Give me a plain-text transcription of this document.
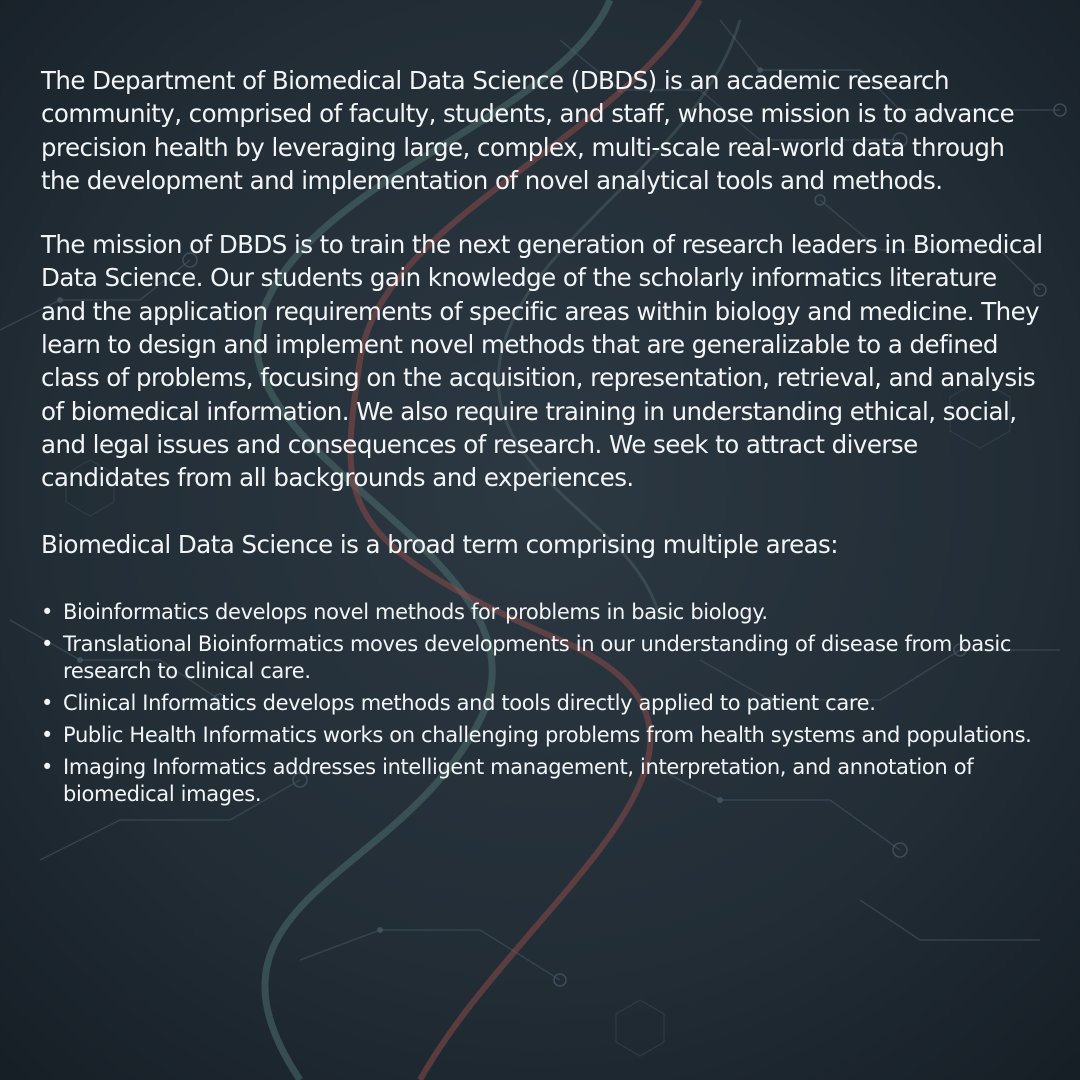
The Department of Biomedical Data Science (DBDS) is an academic research community, comprised of faculty, students, and staff, whose mission is to advance precision health by leveraging large, complex, multi-scale real-world data through the development and implementation of novel analytical tools and methods.

The mission of DBDS is to train the next generation of research leaders in Biomedical Data Science. Our students gain knowledge of the scholarly informatics literature and the application requirements of specific areas within biology and medicine. They learn to design and implement novel methods that are generalizable to a defined class of problems, focusing on the acquisition, representation, retrieval, and analysis of biomedical information. We also require training in understanding ethical, social, and legal issues and consequences of research. We seek to attract diverse candidates from all backgrounds and experiences.

Biomedical Data Science is a broad term comprising multiple areas:

• Bioinformatics develops novel methods for problems in basic biology.
• Translational Bioinformatics moves developments in our understanding of disease from basic research to clinical care.
• Clinical Informatics develops methods and tools directly applied to patient care.
• Public Health Informatics works on challenging problems from health systems and populations.
• Imaging Informatics addresses intelligent management, interpretation, and annotation of biomedical images.
